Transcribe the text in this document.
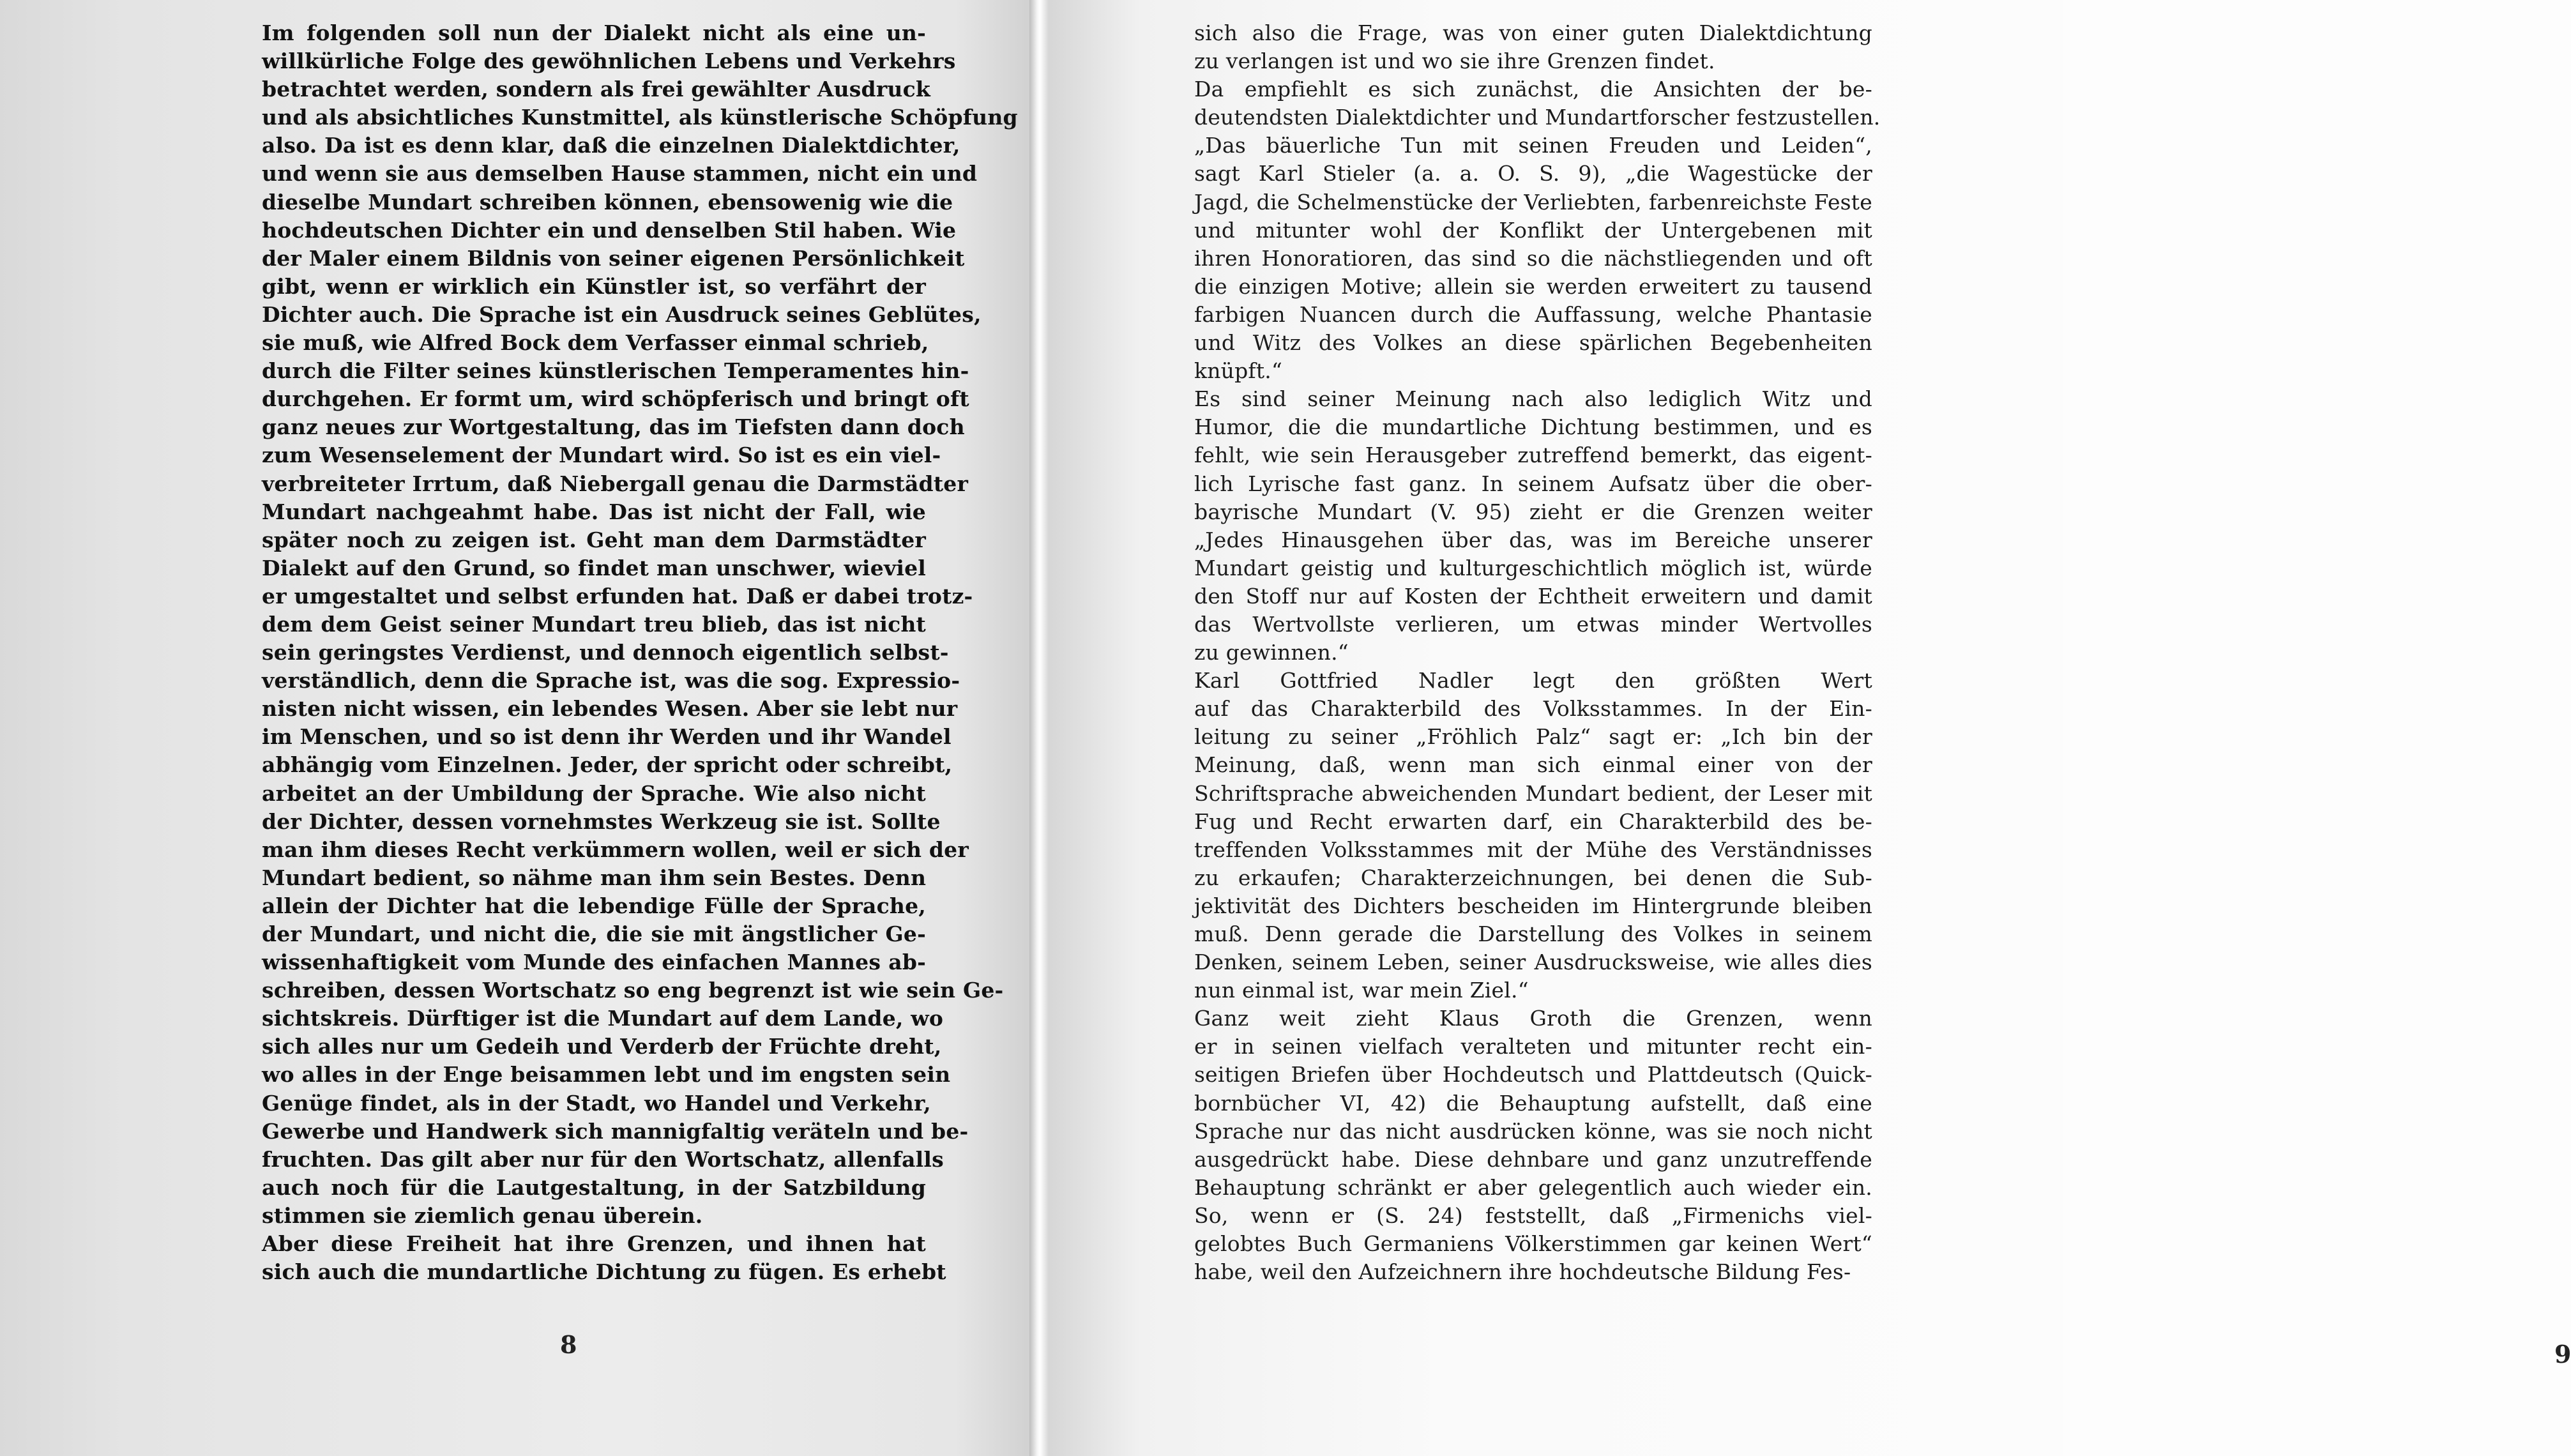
Im folgenden soll nun der Dialekt nicht als eine un-
willkürliche Folge des gewöhnlichen Lebens und Verkehrs
betrachtet werden, sondern als frei gewählter Ausdruck
und als absichtliches Kunstmittel, als künstlerische Schöpfung
also. Da ist es denn klar, daß die einzelnen Dialektdichter,
und wenn sie aus demselben Hause stammen, nicht ein und
dieselbe Mundart schreiben können, ebensowenig wie die
hochdeutschen Dichter ein und denselben Stil haben. Wie
der Maler einem Bildnis von seiner eigenen Persönlichkeit
gibt, wenn er wirklich ein Künstler ist, so verfährt der
Dichter auch. Die Sprache ist ein Ausdruck seines Geblütes,
sie muß, wie Alfred Bock dem Verfasser einmal schrieb,
durch die Filter seines künstlerischen Temperamentes hin-
durchgehen. Er formt um, wird schöpferisch und bringt oft
ganz neues zur Wortgestaltung, das im Tiefsten dann doch
zum Wesenselement der Mundart wird. So ist es ein viel-
verbreiteter Irrtum, daß Niebergall genau die Darmstädter
Mundart nachgeahmt habe. Das ist nicht der Fall, wie
später noch zu zeigen ist. Geht man dem Darmstädter
Dialekt auf den Grund, so findet man unschwer, wieviel
er umgestaltet und selbst erfunden hat. Daß er dabei trotz-
dem dem Geist seiner Mundart treu blieb, das ist nicht
sein geringstes Verdienst, und dennoch eigentlich selbst-
verständlich, denn die Sprache ist, was die sog. Expressio-
nisten nicht wissen, ein lebendes Wesen. Aber sie lebt nur
im Menschen, und so ist denn ihr Werden und ihr Wandel
abhängig vom Einzelnen. Jeder, der spricht oder schreibt,
arbeitet an der Umbildung der Sprache. Wie also nicht
der Dichter, dessen vornehmstes Werkzeug sie ist. Sollte
man ihm dieses Recht verkümmern wollen, weil er sich der
Mundart bedient, so nähme man ihm sein Bestes. Denn
allein der Dichter hat die lebendige Fülle der Sprache,
der Mundart, und nicht die, die sie mit ängstlicher Ge-
wissenhaftigkeit vom Munde des einfachen Mannes ab-
schreiben, dessen Wortschatz so eng begrenzt ist wie sein Ge-
sichtskreis. Dürftiger ist die Mundart auf dem Lande, wo
sich alles nur um Gedeih und Verderb der Früchte dreht,
wo alles in der Enge beisammen lebt und im engsten sein
Genüge findet, als in der Stadt, wo Handel und Verkehr,
Gewerbe und Handwerk sich mannigfaltig veräteln und be-
fruchten. Das gilt aber nur für den Wortschatz, allenfalls
auch noch für die Lautgestaltung, in der Satzbildung
stimmen sie ziemlich genau überein.
Aber diese Freiheit hat ihre Grenzen, und ihnen hat
sich auch die mundartliche Dichtung zu fügen. Es erhebt
8
sich also die Frage, was von einer guten Dialektdichtung
zu verlangen ist und wo sie ihre Grenzen findet.
Da empfiehlt es sich zunächst, die Ansichten der be-
deutendsten Dialektdichter und Mundartforscher festzustellen.
„Das bäuerliche Tun mit seinen Freuden und Leiden“,
sagt Karl Stieler (a. a. O. S. 9), „die Wagestücke der
Jagd, die Schelmenstücke der Verliebten, farbenreichste Feste
und mitunter wohl der Konflikt der Untergebenen mit
ihren Honoratioren, das sind so die nächstliegenden und oft
die einzigen Motive; allein sie werden erweitert zu tausend
farbigen Nuancen durch die Auffassung, welche Phantasie
und Witz des Volkes an diese spärlichen Begebenheiten
knüpft.“
Es sind seiner Meinung nach also lediglich Witz und
Humor, die die mundartliche Dichtung bestimmen, und es
fehlt, wie sein Herausgeber zutreffend bemerkt, das eigent-
lich Lyrische fast ganz. In seinem Aufsatz über die ober-
bayrische Mundart (V. 95) zieht er die Grenzen weiter
„Jedes Hinausgehen über das, was im Bereiche unserer
Mundart geistig und kulturgeschichtlich möglich ist, würde
den Stoff nur auf Kosten der Echtheit erweitern und damit
das Wertvollste verlieren, um etwas minder Wertvolles
zu gewinnen.“
Karl Gottfried Nadler legt den größten Wert
auf das Charakterbild des Volksstammes. In der Ein-
leitung zu seiner „Fröhlich Palz“ sagt er: „Ich bin der
Meinung, daß, wenn man sich einmal einer von der
Schriftsprache abweichenden Mundart bedient, der Leser mit
Fug und Recht erwarten darf, ein Charakterbild des be-
treffenden Volksstammes mit der Mühe des Verständnisses
zu erkaufen; Charakterzeichnungen, bei denen die Sub-
jektivität des Dichters bescheiden im Hintergrunde bleiben
muß. Denn gerade die Darstellung des Volkes in seinem
Denken, seinem Leben, seiner Ausdrucksweise, wie alles dies
nun einmal ist, war mein Ziel.“
Ganz weit zieht Klaus Groth die Grenzen, wenn
er in seinen vielfach veralteten und mitunter recht ein-
seitigen Briefen über Hochdeutsch und Plattdeutsch (Quick-
bornbücher VI, 42) die Behauptung aufstellt, daß eine
Sprache nur das nicht ausdrücken könne, was sie noch nicht
ausgedrückt habe. Diese dehnbare und ganz unzutreffende
Behauptung schränkt er aber gelegentlich auch wieder ein.
So, wenn er (S. 24) feststellt, daß „Firmenichs viel-
gelobtes Buch Germaniens Völkerstimmen gar keinen Wert“
habe, weil den Aufzeichnern ihre hochdeutsche Bildung Fes-
9
